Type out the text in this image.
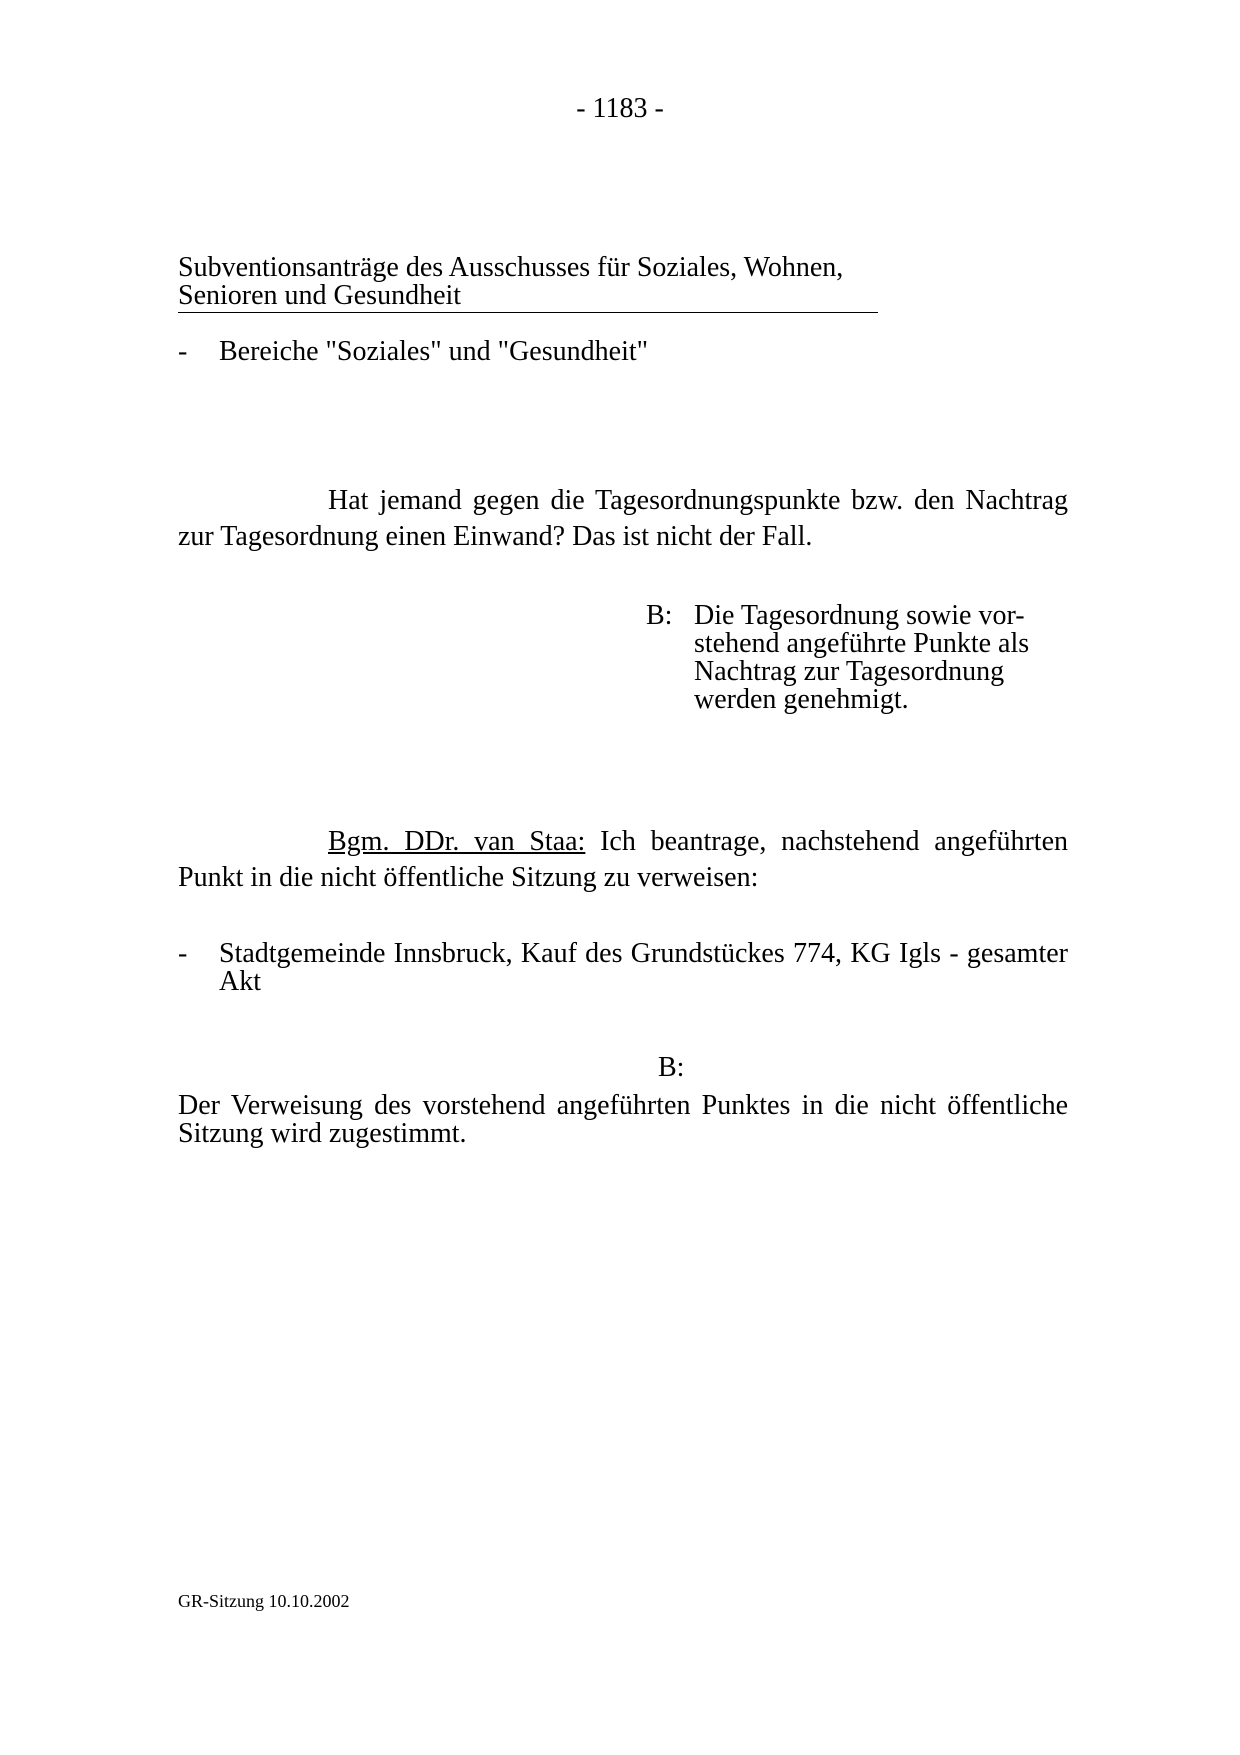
- 1183 -
Subventionsanträge des Ausschusses für Soziales, Wohnen,
Senioren und Gesundheit
- Bereiche "Soziales" und "Gesundheit"
Hat jemand gegen die Tagesordnungspunkte bzw. den Nachtrag zur Tagesordnung einen Einwand? Das ist nicht der Fall.
B: Die Tagesordnung sowie vor-
stehend angeführte Punkte als
Nachtrag zur Tagesordnung
werden genehmigt.
Bgm. DDr. van Staa: Ich beantrage, nachstehend angeführten Punkt in die nicht öffentliche Sitzung zu verweisen:
- Stadtgemeinde Innsbruck, Kauf des Grundstückes 774, KG Igls - gesamter Akt
B:
Der Verweisung des vorstehend angeführten Punktes in die nicht öffentliche Sitzung wird zugestimmt.
GR-Sitzung 10.10.2002
